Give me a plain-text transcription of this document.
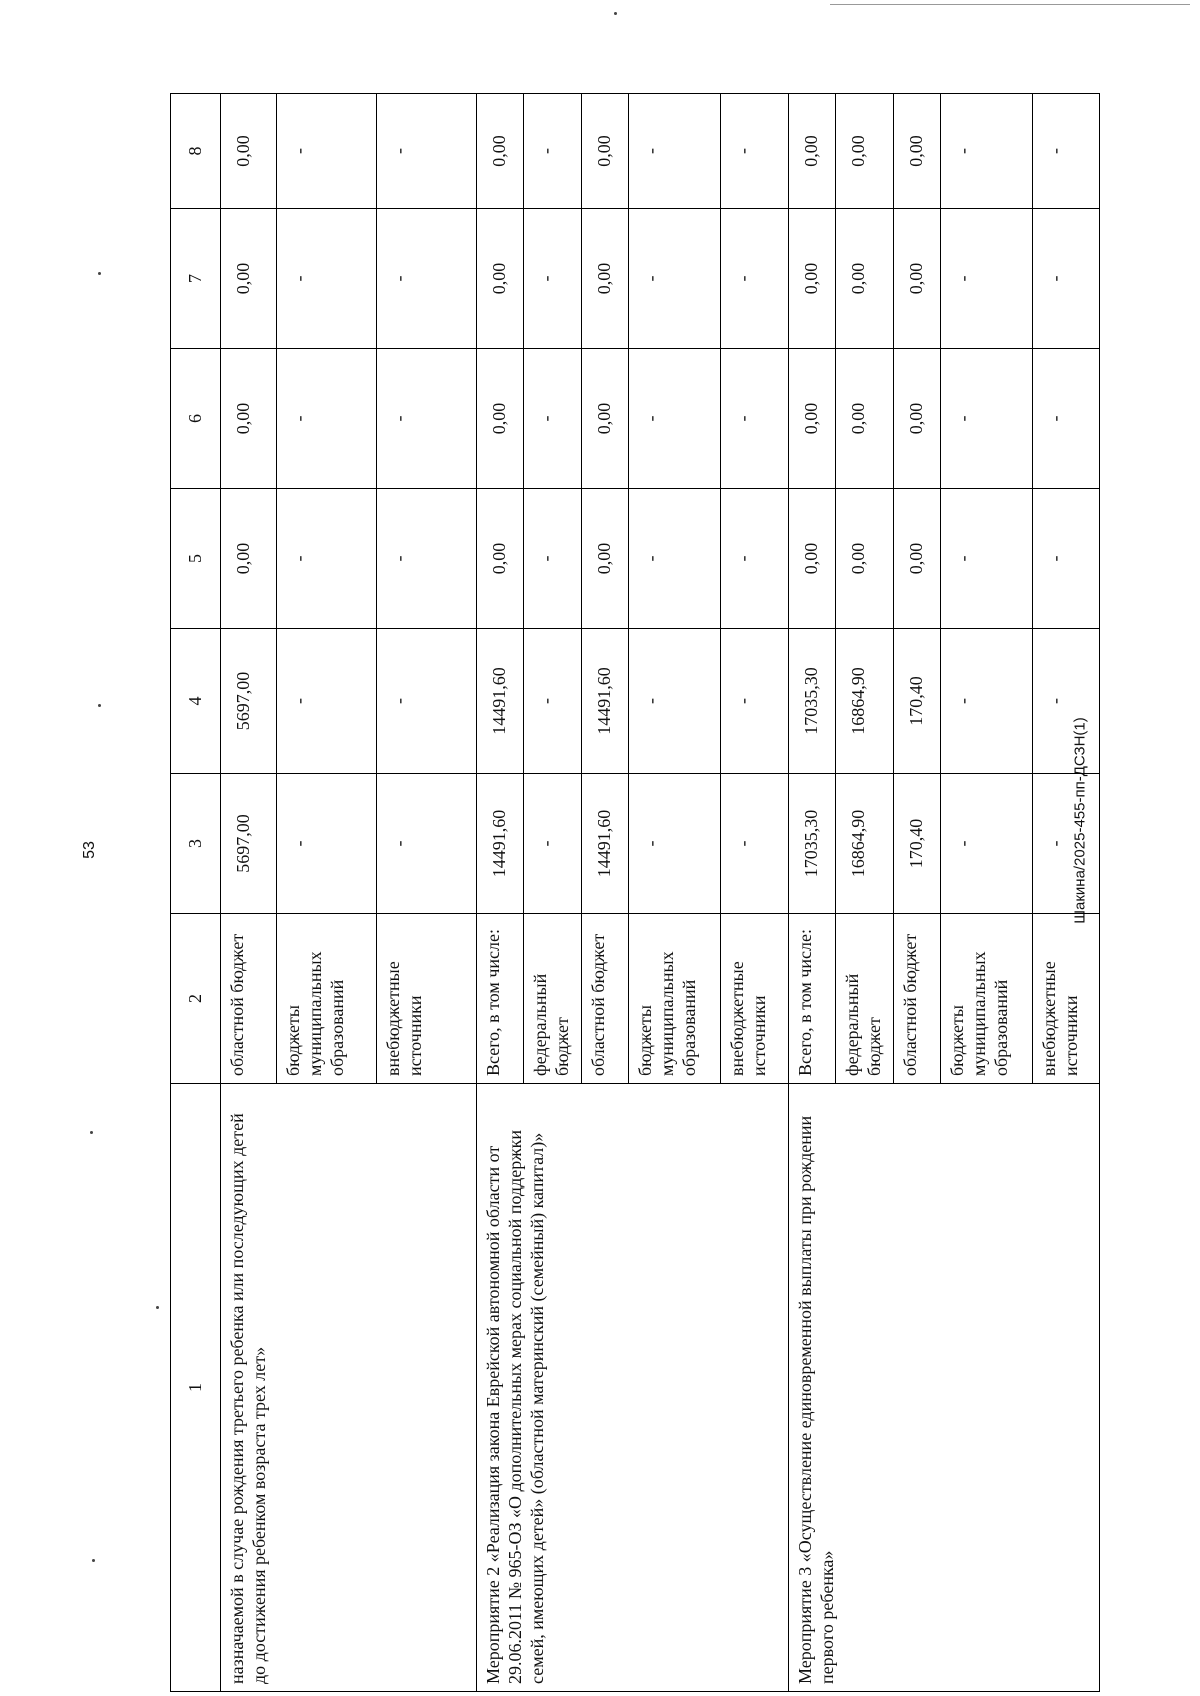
53	Шакина/2025-455-пп-ДСЗН(1)
1	2	3	4	5	6	7	8
назначаемой в случае рождения третьего ребенка или последующих детей до достижения ребенком возраста трех лет»	областной бюджет	5697,00	5697,00	0,00	0,00	0,00	0,00
	бюджеты муниципальных образований	-	-	-	-	-	-
	внебюджетные источники	-	-	-	-	-	-
Мероприятие 2 «Реализация закона Еврейской автономной области от 29.06.2011 № 965-ОЗ «О дополнительных мерах социальной поддержки семей, имеющих детей» (областной материнский (семейный) капитал)»	Всего, в том числе:	14491,60	14491,60	0,00	0,00	0,00	0,00
	федеральный бюджет	-	-	-	-	-	-
	областной бюджет	14491,60	14491,60	0,00	0,00	0,00	0,00
	бюджеты муниципальных образований	-	-	-	-	-	-
	внебюджетные источники	-	-	-	-	-	-
Мероприятие 3 «Осуществление единовременной выплаты при рождении первого ребенка»	Всего, в том числе:	17035,30	17035,30	0,00	0,00	0,00	0,00
	федеральный бюджет	16864,90	16864,90	0,00	0,00	0,00	0,00
	областной бюджет	170,40	170,40	0,00	0,00	0,00	0,00
	бюджеты муниципальных образований	-	-	-	-	-	-
	внебюджетные источники	-	-	-	-	-	-
